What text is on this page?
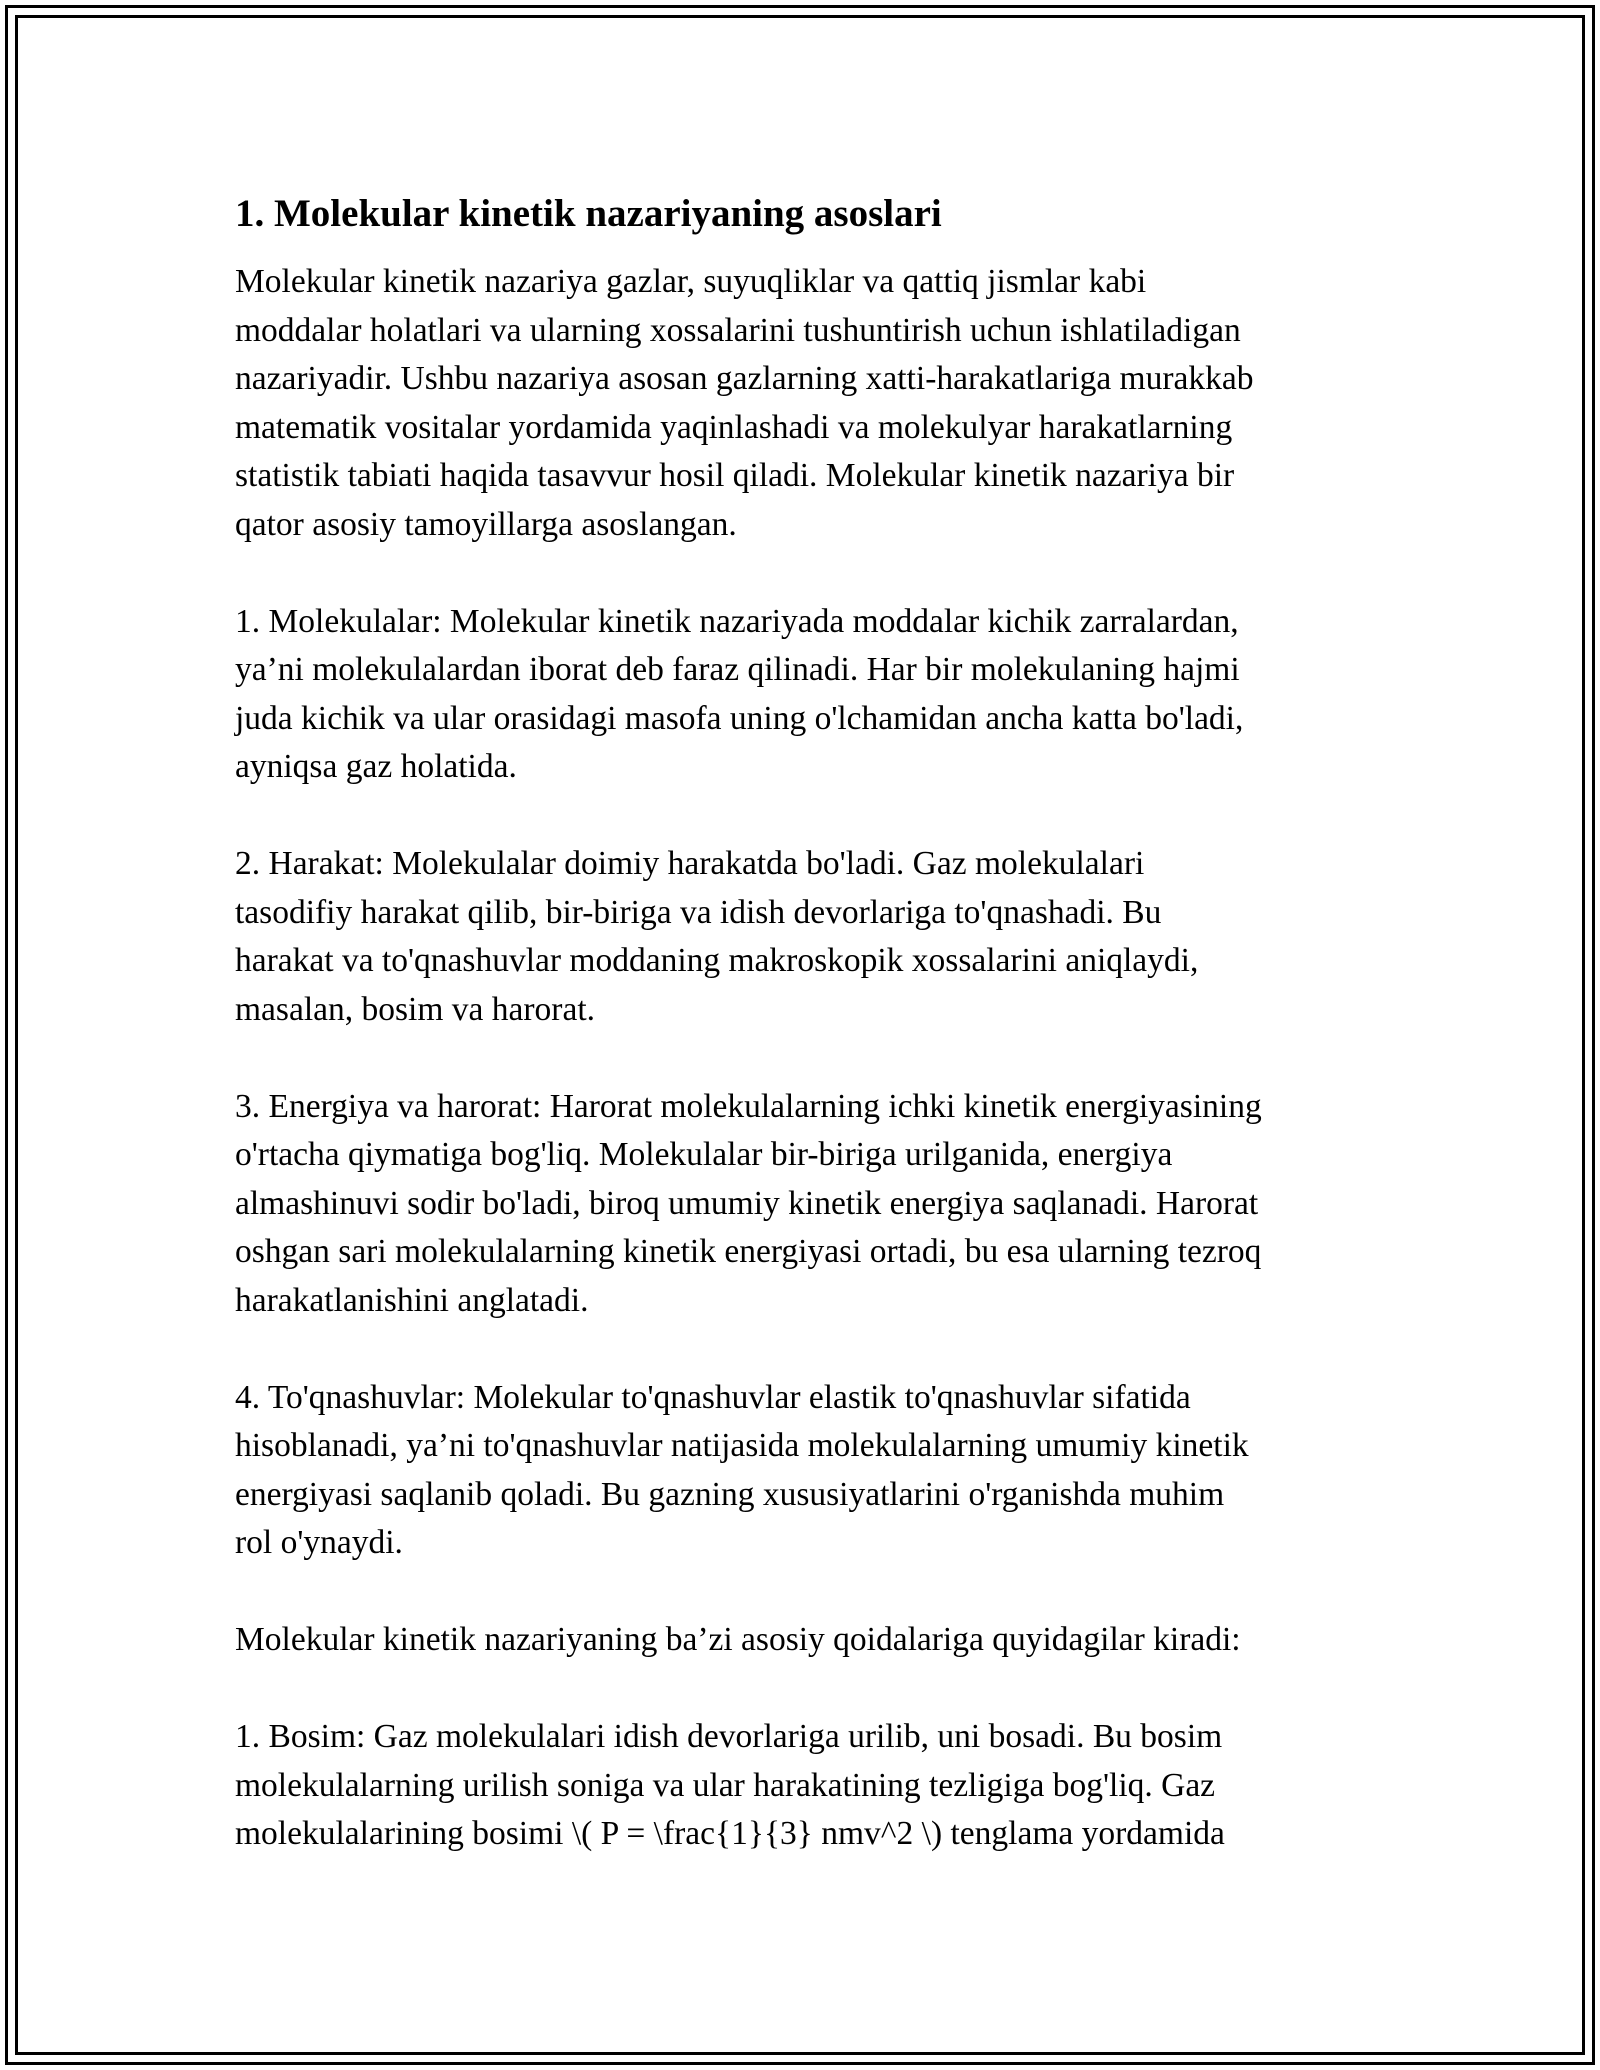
1. Molekular kinetik nazariyaning asoslari
Molekular kinetik nazariya gazlar, suyuqliklar va qattiq jismlar kabi
moddalar holatlari va ularning xossalarini tushuntirish uchun ishlatiladigan
nazariyadir. Ushbu nazariya asosan gazlarning xatti-harakatlariga murakkab
matematik vositalar yordamida yaqinlashadi va molekulyar harakatlarning
statistik tabiati haqida tasavvur hosil qiladi. Molekular kinetik nazariya bir
qator asosiy tamoyillarga asoslangan.
1. Molekulalar: Molekular kinetik nazariyada moddalar kichik zarralardan,
ya’ni molekulalardan iborat deb faraz qilinadi. Har bir molekulaning hajmi
juda kichik va ular orasidagi masofa uning o'lchamidan ancha katta bo'ladi,
ayniqsa gaz holatida.
2. Harakat: Molekulalar doimiy harakatda bo'ladi. Gaz molekulalari
tasodifiy harakat qilib, bir-biriga va idish devorlariga to'qnashadi. Bu
harakat va to'qnashuvlar moddaning makroskopik xossalarini aniqlaydi,
masalan, bosim va harorat.
3. Energiya va harorat: Harorat molekulalarning ichki kinetik energiyasining
o'rtacha qiymatiga bog'liq. Molekulalar bir-biriga urilganida, energiya
almashinuvi sodir bo'ladi, biroq umumiy kinetik energiya saqlanadi. Harorat
oshgan sari molekulalarning kinetik energiyasi ortadi, bu esa ularning tezroq
harakatlanishini anglatadi.
4. To'qnashuvlar: Molekular to'qnashuvlar elastik to'qnashuvlar sifatida
hisoblanadi, ya’ni to'qnashuvlar natijasida molekulalarning umumiy kinetik
energiyasi saqlanib qoladi. Bu gazning xususiyatlarini o'rganishda muhim
rol o'ynaydi.
Molekular kinetik nazariyaning ba’zi asosiy qoidalariga quyidagilar kiradi:
1. Bosim: Gaz molekulalari idish devorlariga urilib, uni bosadi. Bu bosim
molekulalarning urilish soniga va ular harakatining tezligiga bog'liq. Gaz
molekulalarining bosimi \( P = \frac{1}{3} nmv^2 \) tenglama yordamida
